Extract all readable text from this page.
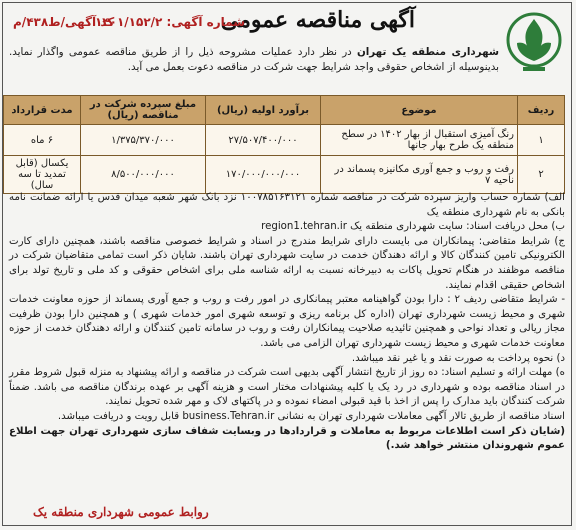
آگهی مناقصه عمومی
شماره آگهی: ۱۴۰۱/۱۵۲/۲
کد آگهی/ط۴۳۸/م
شهرداری منطقه یک تهران در نظر دارد عملیات مشروحه ذیل را از طریق مناقصه عمومی واگذار نماید. بدینوسیله از اشخاص حقوقی واجد شرایط جهت شرکت در مناقصه دعوت بعمل می آید.
ردیف	موضوع	برآورد اولیه (ریال)	مبلغ سپرده شرکت در مناقصه (ریال)	مدت قرارداد
۱	رنگ آمیزی استقبال از بهار ۱۴۰۲ در سطح منطقه یک طرح بهار جانها	۲۷/۵۰۷/۴۰۰/۰۰۰	۱/۳۷۵/۳۷۰/۰۰۰	۶ ماه
۲	رفت و روب و جمع آوری مکانیزه پسماند در ناحیه ۷	۱۷۰/۰۰۰/۰۰۰/۰۰۰	۸/۵۰۰/۰۰۰/۰۰۰	یکسال (قابل تمدید تا سه سال)

الف) شماره حساب واریز سپرده شرکت در مناقصه شماره ۱۰۰۷۸۵۱۶۳۱۲۱ نزد بانک شهر شعبه میدان قدس یا ارائه ضمانت نامه بانکی به نام شهرداری منطقه یک

ب) محل دریافت اسناد: سایت شهرداری منطقه یک region1.tehran.ir

ج) شرایط متقاضی: پیمانکاران می بایست دارای شرایط مندرج در اسناد و شرایط خصوصی مناقصه باشند، همچنین دارای کارت الکترونیکی تامین کنندگان کالا و ارائه دهندگان خدمت در سایت شهرداری تهران باشند. شایان ذکر است تمامی متقاضیان شرکت در مناقصه موظفند در هنگام تحویل پاکات به دبیرخانه نسبت به ارائه شناسه ملی برای اشخاص حقوقی و کد ملی و تاریخ تولد برای اشخاص حقیقی اقدام نمایند.

- شرایط متقاضی ردیف ۲ : دارا بودن گواهینامه معتبر پیمانکاری در امور رفت و روب و جمع آوری پسماند از حوزه معاونت خدمات شهری و محیط زیست شهرداری تهران (اداره کل برنامه ریزی و توسعه شهری امور خدمات شهری ) و همچنین دارا بودن ظرفیت مجاز ریالی و تعداد نواحی و همچنین تائیدیه صلاحیت پیمانکاران رفت و روب در سامانه تامین کنندگان و ارائه دهندگان خدمت از حوزه معاونت خدمات شهری و محیط زیست شهرداری تهران الزامی می باشد.

د) نحوه پرداخت به صورت نقد و یا غیر نقد میباشد.

ه) مهلت ارائه و تسلیم اسناد: ده روز از تاریخ انتشار آگهی بدیهی است شرکت در مناقصه و ارائه پیشنهاد به منزله قبول شروط مقرر در اسناد مناقصه بوده و شهرداری در رد یک یا کلیه پیشنهادات مختار است و هزینه آگهی بر عهده برندگان مناقصه می باشد. ضمناً شرکت کنندگان باید مدارک را پس از اخذ با قید قبولی امضاء نموده و در پاکتهای لاک و مهر شده تحویل نمایند.

اسناد مناقصه از طریق تالار آگهی معاملات شهرداری تهران به نشانی business.Tehran.ir قابل رویت و دریافت میباشد.

(شایان ذکر است اطلاعات مربوط به معاملات و قراردادها در وبسایت شفاف سازی شهرداری تهران جهت اطلاع عموم شهروندان منتشر خواهد شد.)

روابط عمومی شهرداری منطقه یک
